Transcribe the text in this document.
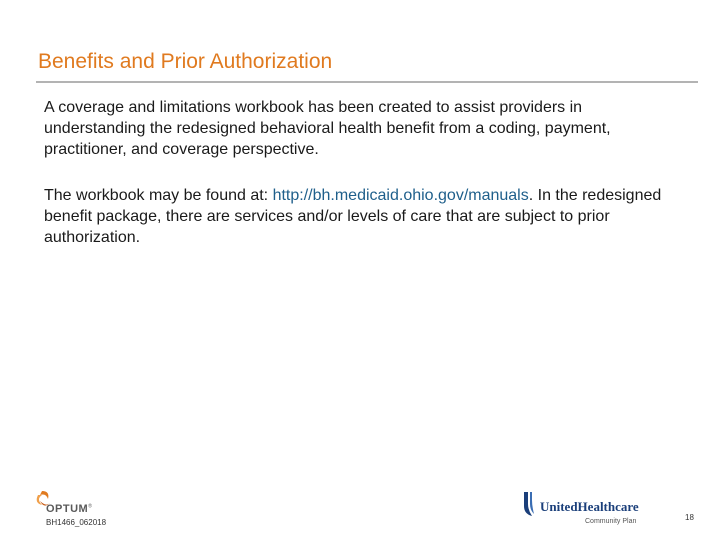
Benefits and Prior Authorization

A coverage and limitations workbook has been created to assist providers in understanding the redesigned behavioral health benefit from a coding, payment, practitioner, and coverage perspective.

The workbook may be found at: http://bh.medicaid.ohio.gov/manuals. In the redesigned benefit package, there are services and/or levels of care that are subject to prior authorization.

OPTUM®
BH1466_062018
UnitedHealthcare
Community Plan	18
